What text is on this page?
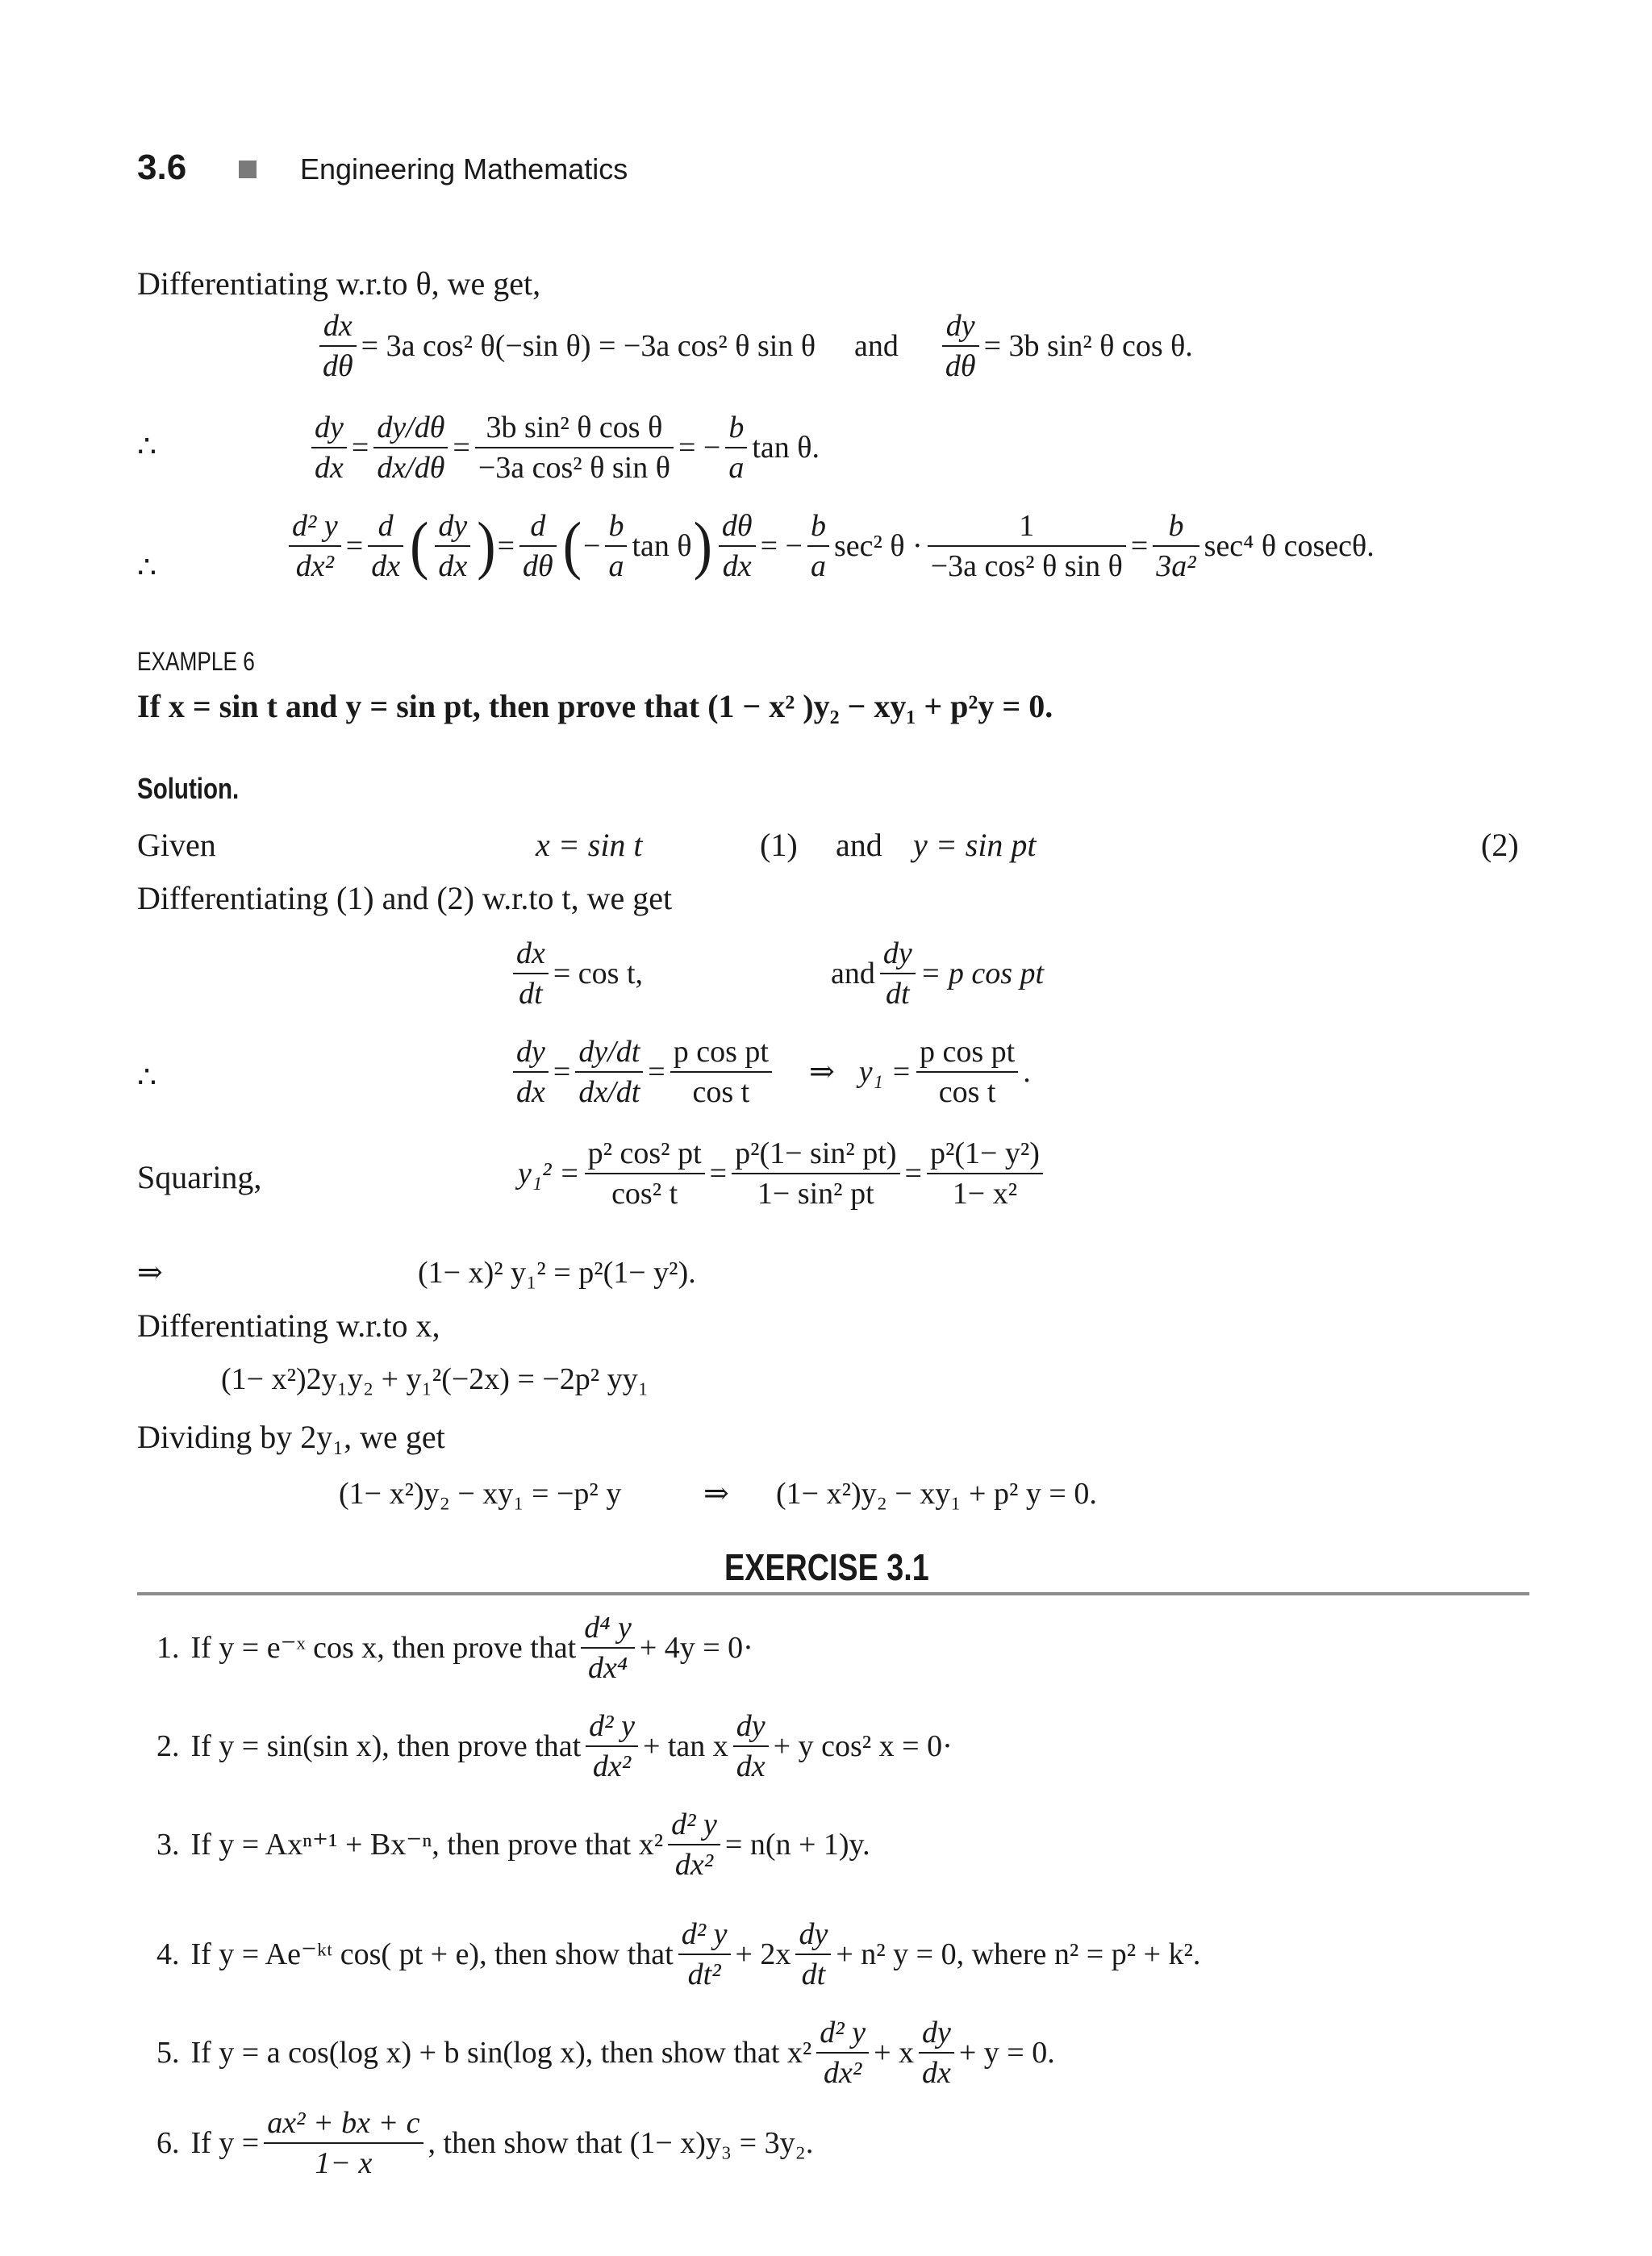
3.6	Engineering Mathematics
Differentiating w.r.to θ, we get,
$\frac{dx}{d\theta} = 3a$ cos² θ(−sin θ) = −3a cos² θ sin θ and $\frac{dy}{d\theta} = 3b$ sin² θ cos θ.
∴	$\frac{dy}{dx} = \frac{dy/d\theta}{dx/d\theta} = \frac{\text{3b sin² θ cos θ}}{\text{−3a cos² θ sin θ}}$ = − $\frac{b}{a}$ tan θ.
∴	$\frac{\text{d² y}}{\text{dx²}} = \frac{d}{dx}$ ( $\frac{dy}{dx}$ ) = $\frac{d}{d\theta}$ ( − $\frac{b}{a}$ tan θ ) $\frac{d\theta}{dx}$ = − $\frac{b}{a} \sec^2$ $\theta \cdot \frac{1}{\text{−3a cos² θ sin θ}} = \frac{b}{\text{3a²}} \sec^4$ θ cosecθ.
EXAMPLE 6
If x = sin t and y = sin pt, then prove that (1 − x² )y₂ − xy₁ + p²y = 0.
Solution.
Given	x = sin t	(1) and y = sin pt	(2)
Differentiating (1) and (2) w.r.to t, we get
$\frac{dx}{dt} = \cos t$,	and $\frac{dy}{dt} = p$ cos pt
∴	$\frac{dy}{dx} = \frac{dy/dt}{dx/dt} = \frac{\text{p cos pt}}{\text{cos t}}$ ⇒ $y_1 = \frac{\text{p cos pt}}{\text{cos t}}$ .
Squaring,	$y_1^2 = \frac{\text{p² cos² pt}}{\text{cos² t}} = \frac{\text{p²(1− sin² pt)}}{\text{1− sin² pt}} = \frac{\text{p²(1− y²)}}{\text{1− x²}}$
⇒	(1− x)² y₁² = p²(1− y²).
Differentiating w.r.to x,
(1− x²)2y₁y₂ + y₁²(−2x) = −2p² yy₁
Dividing by 2y₁, we get
(1− x²)y₂ − xy₁ = −p² y	⇒ (1− x²)y₂ − xy₁ + p² y = 0.
EXERCISE 3.1
1. If y = e⁻ˣ cos x, then prove that $\frac{\text{d⁴ y}}{\text{dx⁴}} + 4y = 0\cdot$
2. If y = sin(sin x), then prove that $\frac{\text{d² y}}{\text{dx²}} + \tan x \frac{dy}{dx} + y$ cos² x = 0·
3. If y = Axⁿ⁺¹ + Bx⁻ⁿ, then prove that $x^2 \frac{\text{d² y}}{\text{dx²}} = n(n + 1)y$.
4. If y = Ae⁻ᵏᵗ cos( pt + e), then show that $\frac{\text{d² y}}{\text{dt²}} + 2x \frac{dy}{dt} + n^2$ y = 0, where n² = p² + k².
5. If y = a cos(log x) + b sin(log x), then show that $x^2 \frac{\text{d² y}}{\text{dx²}} + x \frac{dy}{dx} + y = 0$.
6. If $y = \frac{\text{ax² + bx + c}}{1- x}$ , then show that (1− x)y₃ = 3y₂.
